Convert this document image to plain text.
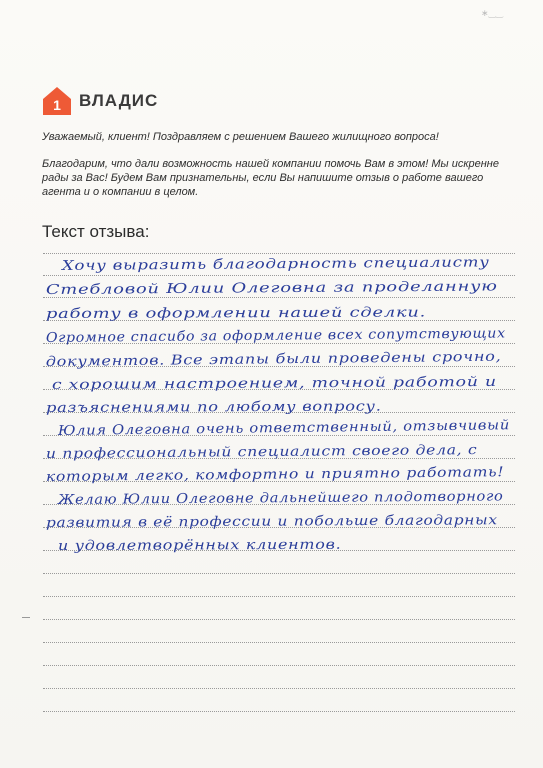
∗‿‿
1 ВЛАДИС

Уважаемый, клиент! Поздравляем с решением Вашего жилищного вопроса!

Благодарим, что дали возможность нашей компании помочь Вам в этом! Мы искренне рады за Вас! Будем Вам признательны, если Вы напишите отзыв о работе вашего агента и о компании в целом.

Текст отзыва:
Хочу выразить благодарность специалисту
Стебловой Юлии Олеговна за проделанную
работу в оформлении нашей сделки.
Огромное спасибо за оформление всех сопутствующих
документов. Все этапы были проведены срочно,
с хорошим настроением, точной работой и
разъяснениями по любому вопросу.
Юлия Олеговна очень ответственный, отзывчивый
и профессиональный специалист своего дела, с
которым легко, комфортно и приятно работать!
Желаю Юлии Олеговне дальнейшего плодотворного
развития в её профессии и побольше благодарных
и удовлетворённых клиентов.
